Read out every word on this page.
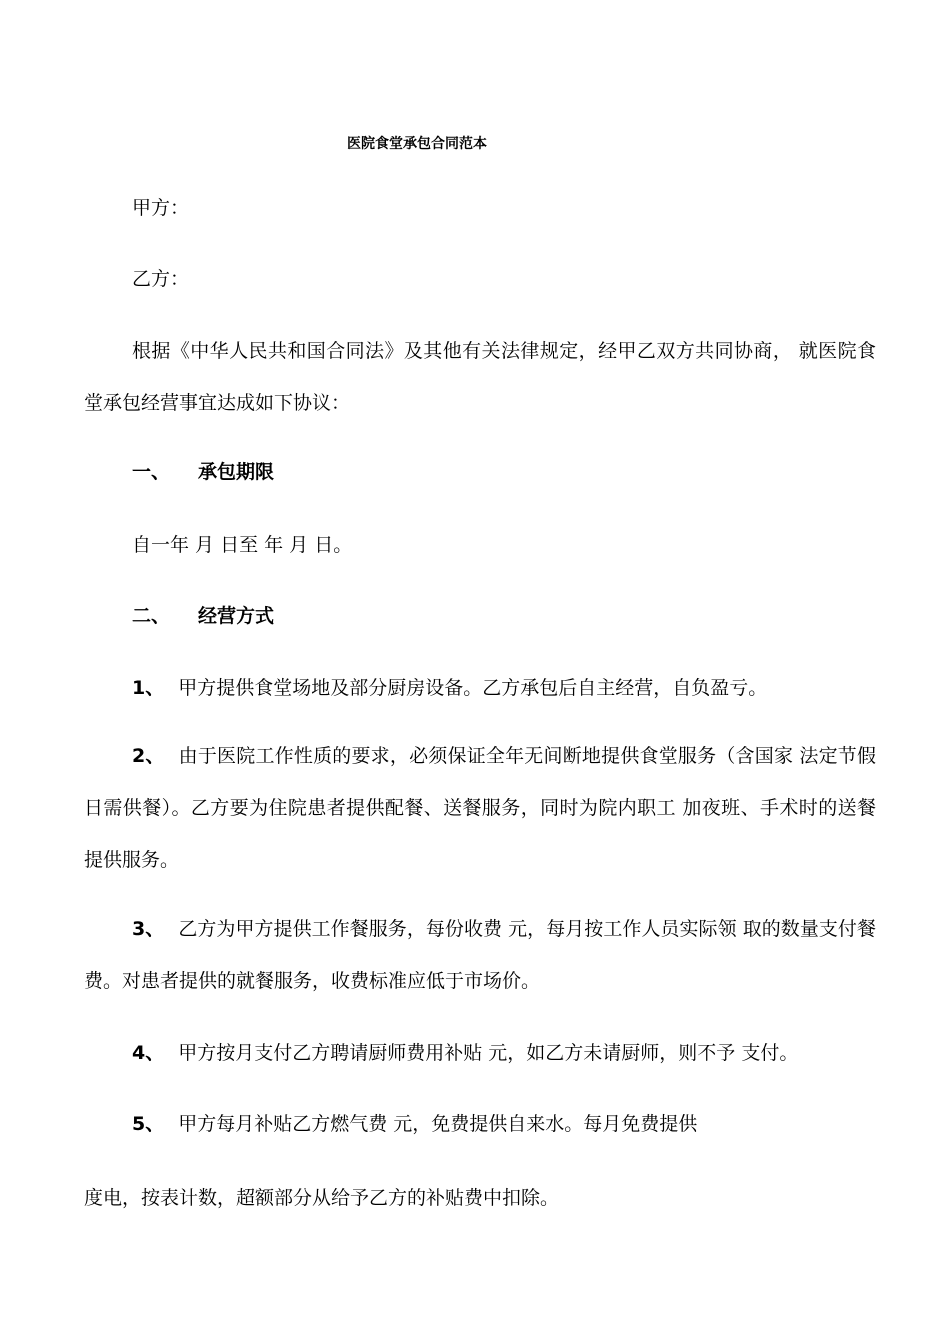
医院食堂承包合同范本
甲方：
乙方：
根据《中华人民共和国合同法》及其他有关法律规定，经甲乙双方共同协商， 就医院食堂承包经营事宜达成如下协议：
一、 承包期限
自一年 月 日至 年 月 日。
二、 经营方式
1、 甲方提供食堂场地及部分厨房设备。乙方承包后自主经营，自负盈亏。
2、 由于医院工作性质的要求，必须保证全年无间断地提供食堂服务（含国家 法定节假日需供餐）。乙方要为住院患者提供配餐、送餐服务，同时为院内职工 加夜班、手术时的送餐提供服务。
3、 乙方为甲方提供工作餐服务，每份收费 元，每月按工作人员实际领 取的数量支付餐费。对患者提供的就餐服务，收费标准应低于市场价。
4、 甲方按月支付乙方聘请厨师费用补贴 元，如乙方未请厨师，则不予 支付。
5、 甲方每月补贴乙方燃气费 元，免费提供自来水。每月免费提供
度电，按表计数，超额部分从给予乙方的补贴费中扣除。
